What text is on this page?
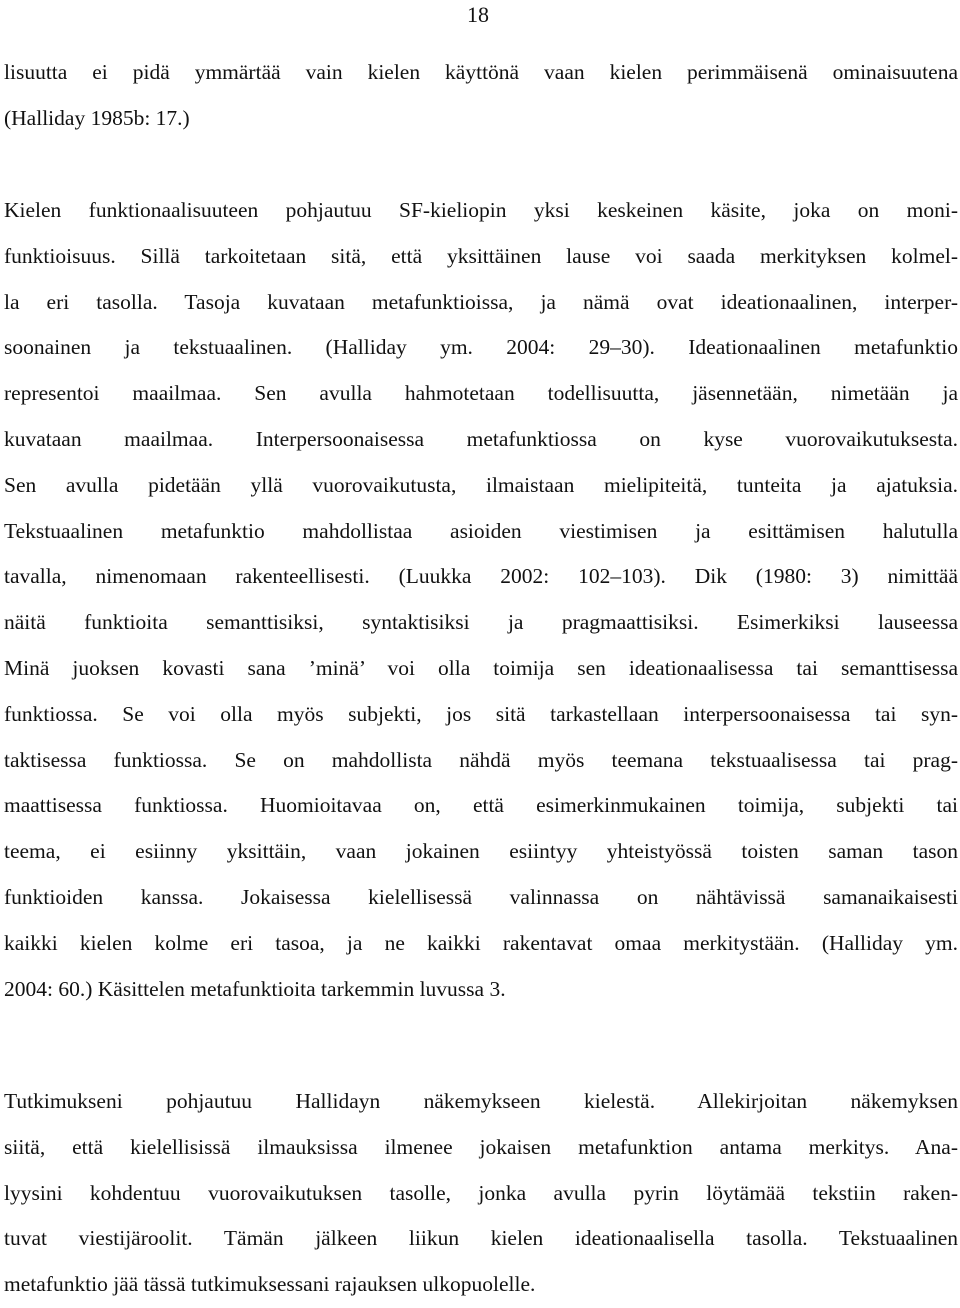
18
lisuutta ei pidä ymmärtää vain kielen käyttönä vaan kielen perimmäisenä ominaisuutena
(Halliday 1985b: 17.)
Kielen funktionaalisuuteen pohjautuu SF-kieliopin yksi keskeinen käsite, joka on moni-
funktioisuus. Sillä tarkoitetaan sitä, että yksittäinen lause voi saada merkityksen kolmel-
la eri tasolla. Tasoja kuvataan metafunktioissa, ja nämä ovat ideationaalinen, interper-
soonainen ja tekstuaalinen. (Halliday ym. 2004: 29–30). Ideationaalinen metafunktio
representoi maailmaa. Sen avulla hahmotetaan todellisuutta, jäsennetään, nimetään ja
kuvataan maailmaa. Interpersoonaisessa metafunktiossa on kyse vuorovaikutuksesta.
Sen avulla pidetään yllä vuorovaikutusta, ilmaistaan mielipiteitä, tunteita ja ajatuksia.
Tekstuaalinen metafunktio mahdollistaa asioiden viestimisen ja esittämisen halutulla
tavalla, nimenomaan rakenteellisesti. (Luukka 2002: 102–103). Dik (1980: 3) nimittää
näitä funktioita semanttisiksi, syntaktisiksi ja pragmaattisiksi. Esimerkiksi lauseessa
Minä juoksen kovasti sana ’minä’ voi olla toimija sen ideationaalisessa tai semanttisessa
funktiossa. Se voi olla myös subjekti, jos sitä tarkastellaan interpersoonaisessa tai syn-
taktisessa funktiossa. Se on mahdollista nähdä myös teemana tekstuaalisessa tai prag-
maattisessa funktiossa. Huomioitavaa on, että esimerkinmukainen toimija, subjekti tai
teema, ei esiinny yksittäin, vaan jokainen esiintyy yhteistyössä toisten saman tason
funktioiden kanssa. Jokaisessa kielellisessä valinnassa on nähtävissä samanaikaisesti
kaikki kielen kolme eri tasoa, ja ne kaikki rakentavat omaa merkitystään. (Halliday ym.
2004: 60.) Käsittelen metafunktioita tarkemmin luvussa 3.
Tutkimukseni pohjautuu Hallidayn näkemykseen kielestä. Allekirjoitan näkemyksen
siitä, että kielellisissä ilmauksissa ilmenee jokaisen metafunktion antama merkitys. Ana-
lyysini kohdentuu vuorovaikutuksen tasolle, jonka avulla pyrin löytämää tekstiin raken-
tuvat viestijäroolit. Tämän jälkeen liikun kielen ideationaalisella tasolla. Tekstuaalinen
metafunktio jää tässä tutkimuksessani rajauksen ulkopuolelle.
